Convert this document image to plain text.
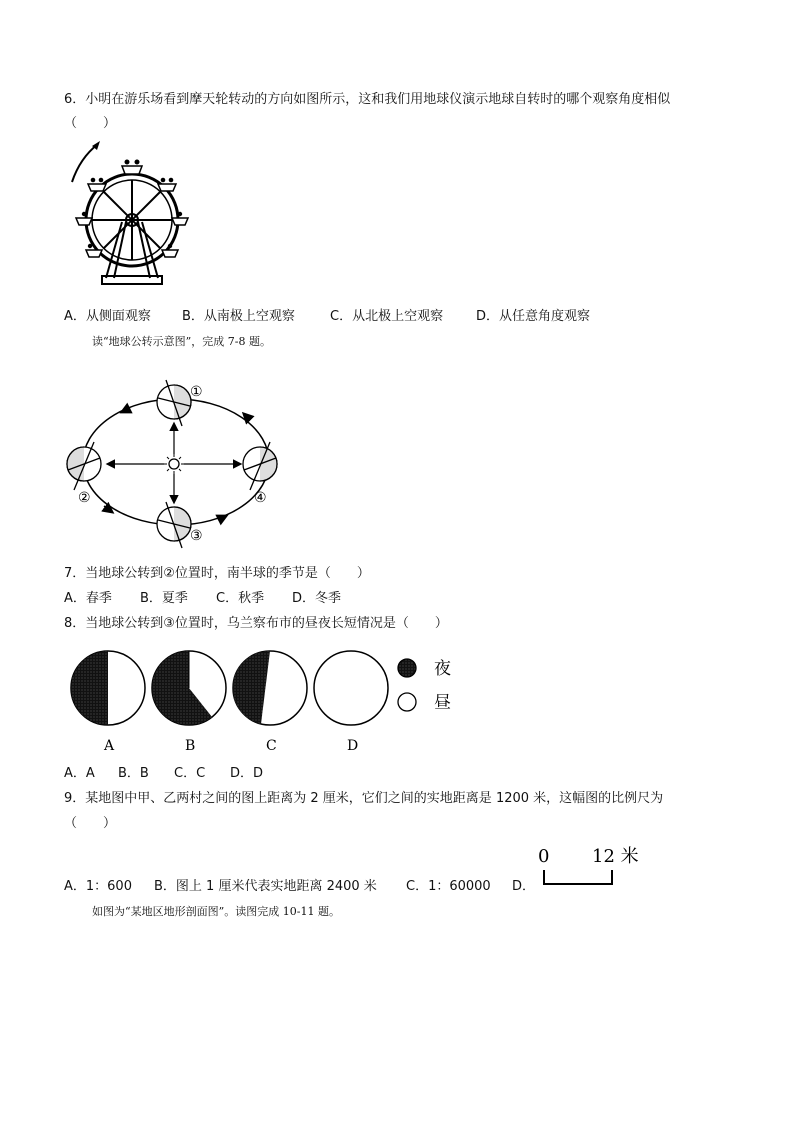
6．小明在游乐场看到摩天轮转动的方向如图所示，这和我们用地球仪演示地球自转时的哪个观察角度相似
（　　）
A．从侧面观察 B．从南极上空观察	C．从北极上空观察	D．从任意角度观察
读“地球公转示意图”，完成 7-8 题。
①
②
③
④
7．当地球公转到②位置时，南半球的季节是（　　）
A．春季 B．夏季 C．秋季 D．冬季
8．当地球公转到③位置时，乌兰察布市的昼夜长短情况是（　　）
A	B	C	D
夜
昼
A．A B．B C．C D．D
9．某地图中甲、乙两村之间的图上距离为 2 厘米，它们之间的实地距离是 1200 米，这幅图的比例尺为
（　　）
A．1：600 B．图上 1 厘米代表实地距离 2400 米 C．1：60000 D．
0 12 米
如图为“某地区地形剖面图”。读图完成 10-11 题。
